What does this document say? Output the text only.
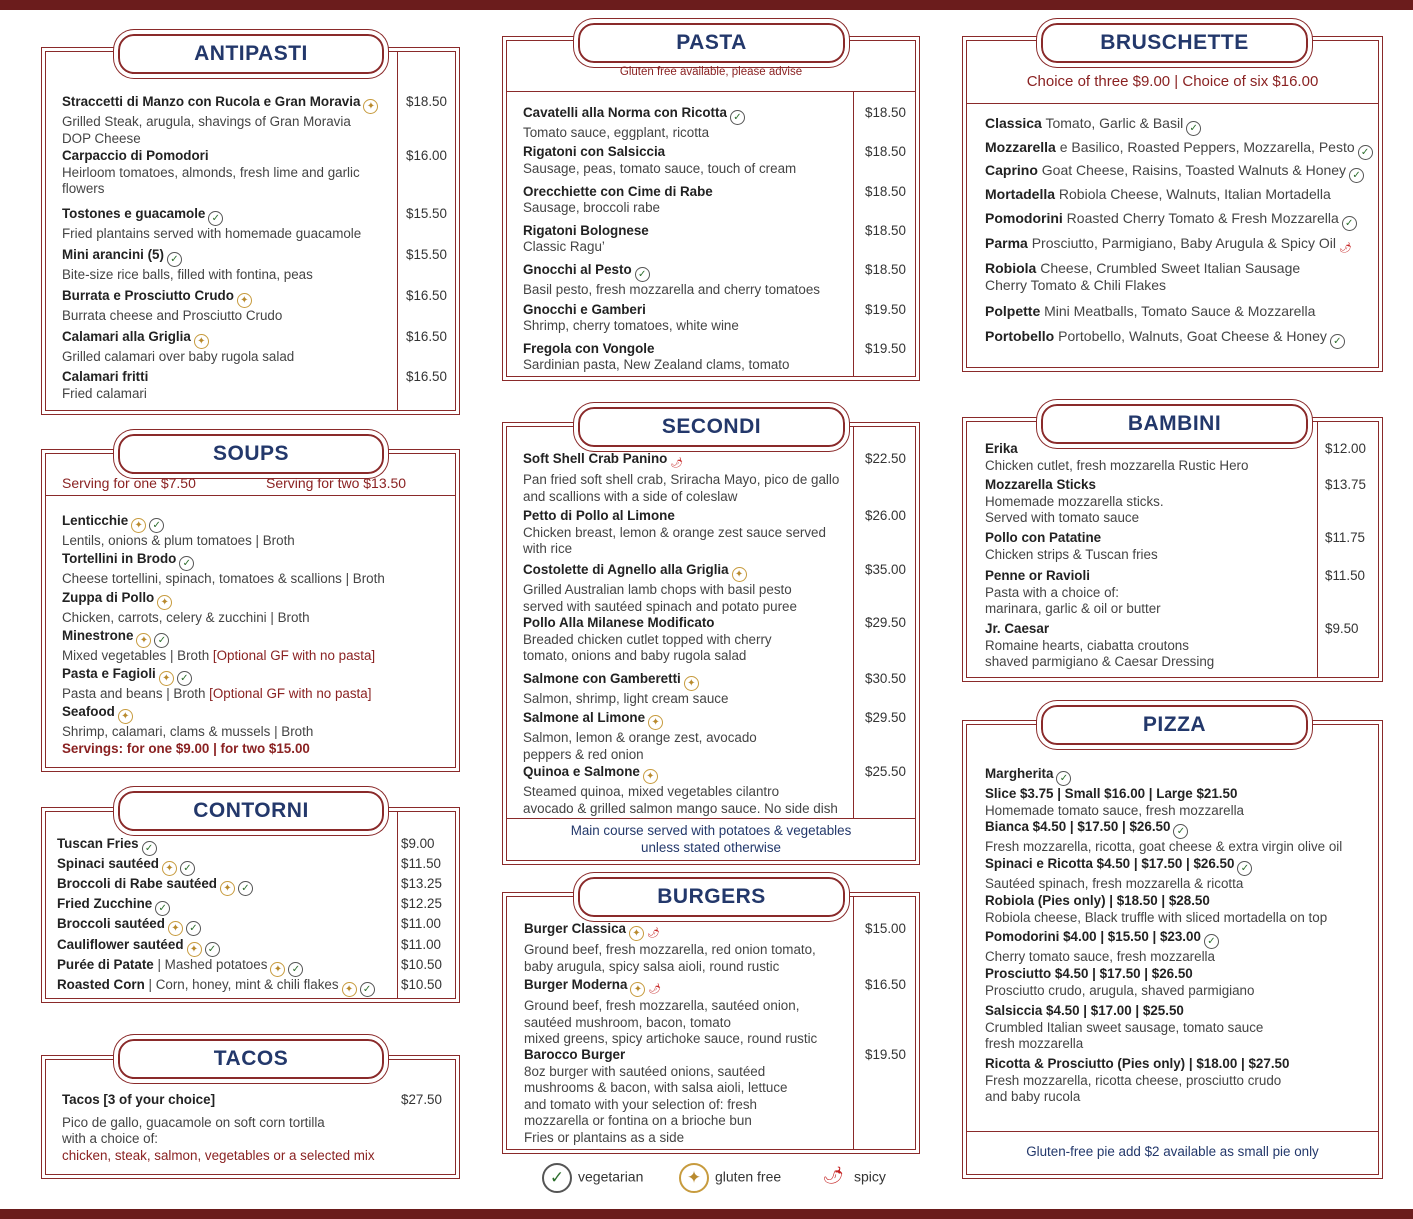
ANTIPASTI
Straccetti di Manzo con Rucola e Gran Moravia ✦
Grilled Steak, arugula, shavings of Gran Moravia
DOP Cheese
$18.50
Carpaccio di Pomodori
Heirloom tomatoes, almonds, fresh lime and garlic
flowers
$16.00
Tostones e guacamole ✓
Fried plantains served with homemade guacamole
$15.50
Mini arancini (5) ✓
Bite-size rice balls, filled with fontina, peas
$15.50
Burrata e Prosciutto Crudo ✦
Burrata cheese and Prosciutto Crudo
$16.50
Calamari alla Griglia ✦
Grilled calamari over baby rugola salad
$16.50
Calamari fritti
Fried calamari
$16.50
SOUPS
Serving for one $7.50	Serving for two $13.50
Lenticchie ✦ ✓
Lentils, onions & plum tomatoes | Broth
Tortellini in Brodo ✓
Cheese tortellini, spinach, tomatoes & scallions | Broth
Zuppa di Pollo ✦
Chicken, carrots, celery & zucchini | Broth
Minestrone ✦ ✓
Mixed vegetables | Broth [Optional GF with no pasta]
Pasta e Fagioli ✦ ✓
Pasta and beans | Broth [Optional GF with no pasta]
Seafood ✦
Shrimp, calamari, clams & mussels | Broth
Servings: for one $9.00 | for two $15.00
CONTORNI
Tuscan Fries ✓	$9.00
Spinaci sautéed ✦ ✓	$11.50
Broccoli di Rabe sautéed ✦ ✓	$13.25
Fried Zucchine ✓	$12.25
Broccoli sautéed ✦ ✓	$11.00
Cauliflower sautéed ✦ ✓	$11.00
Purée di Patate | Mashed potatoes ✦ ✓	$10.50
Roasted Corn | Corn, honey, mint & chili flakes ✦ ✓ $10.50
TACOS
Tacos [3 of your choice]	$27.50
Pico de gallo, guacamole on soft corn tortilla
with a choice of:
chicken, steak, salmon, vegetables or a selected mix
PASTA
Gluten free available, please advise
Cavatelli alla Norma con Ricotta ✓
Tomato sauce, eggplant, ricotta
$18.50
Rigatoni con Salsiccia
Sausage, peas, tomato sauce, touch of cream
$18.50
Orecchiette con Cime di Rabe
Sausage, broccoli rabe
$18.50
Rigatoni Bolognese
Classic Ragu’
$18.50
Gnocchi al Pesto ✓
Basil pesto, fresh mozzarella and cherry tomatoes
$18.50
Gnocchi e Gamberi
Shrimp, cherry tomatoes, white wine
$19.50
Fregola con Vongole
Sardinian pasta, New Zealand clams, tomato
$19.50
SECONDI
Soft Shell Crab Panino 🌶
Pan fried soft shell crab, Sriracha Mayo, pico de gallo
and scallions with a side of coleslaw
$22.50
Petto di Pollo al Limone
Chicken breast, lemon & orange zest sauce served
with rice
$26.00
Costolette di Agnello alla Griglia ✦
Grilled Australian lamb chops with basil pesto
served with sautéed spinach and potato puree
$35.00
Pollo Alla Milanese Modificato
Breaded chicken cutlet topped with cherry
tomato, onions and baby rugola salad
$29.50
Salmone con Gamberetti ✦
Salmon, shrimp, light cream sauce
$30.50
Salmone al Limone ✦
Salmon, lemon & orange zest, avocado
peppers & red onion
$29.50
Quinoa e Salmone ✦
Steamed quinoa, mixed vegetables cilantro
avocado & grilled salmon mango sauce. No side dish
$25.50
Main course served with potatoes & vegetables
unless stated otherwise
BURGERS
Burger Classica ✦ 🌶
Ground beef, fresh mozzarella, red onion tomato,
baby arugula, spicy salsa aioli, round rustic
$15.00
Burger Moderna ✦ 🌶
Ground beef, fresh mozzarella, sautéed onion,
sautéed mushroom, bacon, tomato
mixed greens, spicy artichoke sauce, round rustic
$16.50
Barocco Burger
8oz burger with sautéed onions, sautéed
mushrooms & bacon, with salsa aioli, lettuce
and tomato with your selection of: fresh
mozzarella or fontina on a brioche bun
Fries or plantains as a side
$19.50
✓ vegetarian	✦ gluten free 🌶 spicy
BRUSCHETTE
Choice of three $9.00 | Choice of six $16.00
Classica Tomato, Garlic & Basil ✓
Mozzarella e Basilico, Roasted Peppers, Mozzarella, Pesto ✓
Caprino Goat Cheese, Raisins, Toasted Walnuts & Honey ✓
Mortadella Robiola Cheese, Walnuts, Italian Mortadella
Pomodorini Roasted Cherry Tomato & Fresh Mozzarella ✓
Parma Prosciutto, Parmigiano, Baby Arugula & Spicy Oil 🌶
Robiola Cheese, Crumbled Sweet Italian Sausage
Cherry Tomato & Chili Flakes
Polpette Mini Meatballs, Tomato Sauce & Mozzarella
Portobello Portobello, Walnuts, Goat Cheese & Honey ✓
BAMBINI
Erika
Chicken cutlet, fresh mozzarella Rustic Hero
$12.00
Mozzarella Sticks
Homemade mozzarella sticks.
Served with tomato sauce
$13.75
Pollo con Patatine
Chicken strips & Tuscan fries
$11.75
Penne or Ravioli
Pasta with a choice of:
marinara, garlic & oil or butter
$11.50
Jr. Caesar
Romaine hearts, ciabatta croutons
shaved parmigiano & Caesar Dressing
$9.50
PIZZA
Margherita ✓
Slice $3.75 | Small $16.00 | Large $21.50
Homemade tomato sauce, fresh mozzarella
Bianca $4.50 | $17.50 | $26.50 ✓
Fresh mozzarella, ricotta, goat cheese & extra virgin olive oil
Spinaci e Ricotta $4.50 | $17.50 | $26.50 ✓
Sautéed spinach, fresh mozzarella & ricotta
Robiola (Pies only) | $18.50 | $28.50
Robiola cheese, Black truffle with sliced mortadella on top
Pomodorini $4.00 | $15.50 | $23.00 ✓
Cherry tomato sauce, fresh mozzarella
Prosciutto $4.50 | $17.50 | $26.50
Prosciutto crudo, arugula, shaved parmigiano
Salsiccia $4.50 | $17.00 | $25.50
Crumbled Italian sweet sausage, tomato sauce
fresh mozzarella
Ricotta & Prosciutto (Pies only) | $18.00 | $27.50
Fresh mozzarella, ricotta cheese, prosciutto crudo
and baby rucola
Gluten-free pie add $2 available as small pie only
